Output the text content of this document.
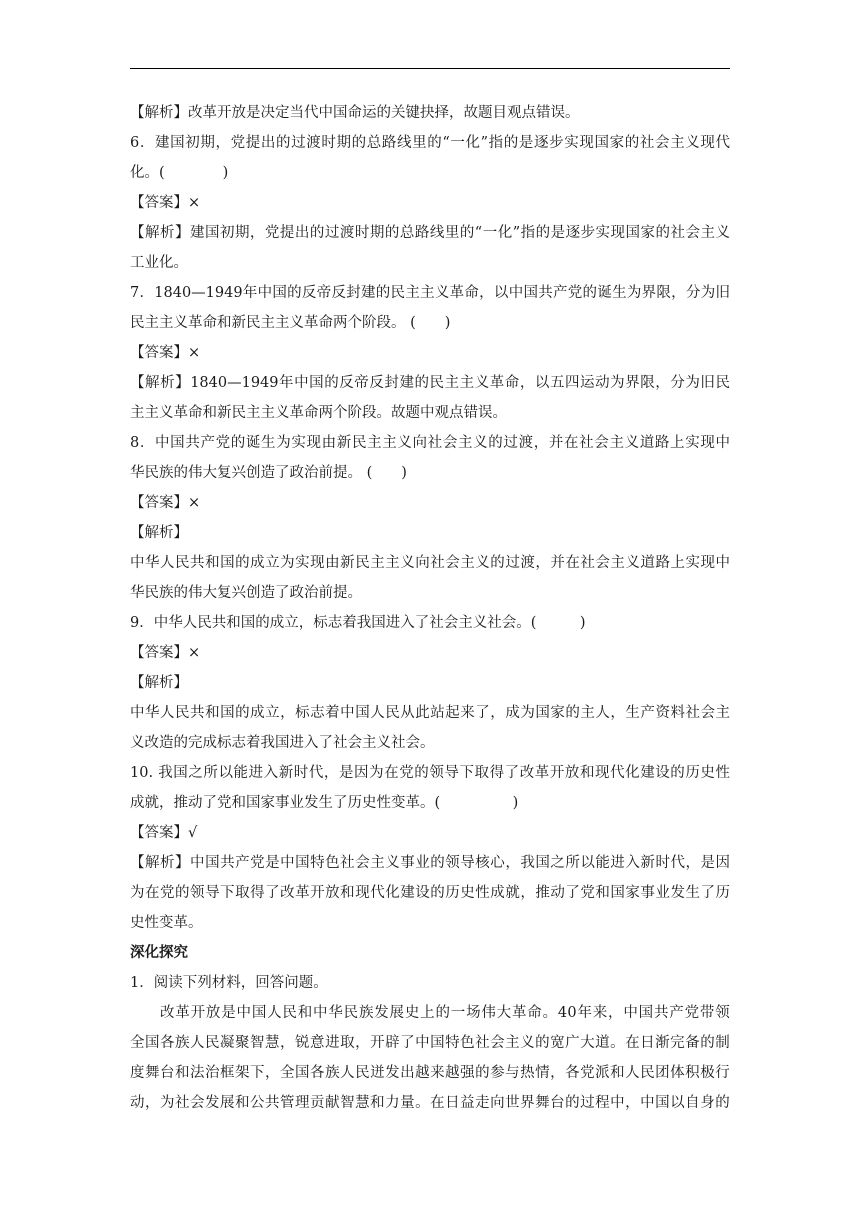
【解析】改革开放是决定当代中国命运的关键抉择，故题目观点错误。
6．建国初期，党提出的过渡时期的总路线里的“一化”指的是逐步实现国家的社会主义现代
化。(　　　　)
【答案】×
【解析】建国初期，党提出的过渡时期的总路线里的“一化”指的是逐步实现国家的社会主义
工业化。
7．1840—1949年中国的反帝反封建的民主主义革命，以中国共产党的诞生为界限，分为旧
民主主义革命和新民主主义革命两个阶段。 (　　)
【答案】×
【解析】1840—1949年中国的反帝反封建的民主主义革命，以五四运动为界限，分为旧民
主主义革命和新民主主义革命两个阶段。故题中观点错误。
8．中国共产党的诞生为实现由新民主主义向社会主义的过渡，并在社会主义道路上实现中
华民族的伟大复兴创造了政治前提。 (　　)
【答案】×
【解析】
中华人民共和国的成立为实现由新民主主义向社会主义的过渡，并在社会主义道路上实现中
华民族的伟大复兴创造了政治前提。
9．中华人民共和国的成立，标志着我国进入了社会主义社会。(　　　)
【答案】×
【解析】
中华人民共和国的成立，标志着中国人民从此站起来了，成为国家的主人，生产资料社会主
义改造的完成标志着我国进入了社会主义社会。
10. 我国之所以能进入新时代，是因为在党的领导下取得了改革开放和现代化建设的历史性
成就，推动了党和国家事业发生了历史性变革。(　　　　　)
【答案】√
【解析】中国共产党是中国特色社会主义事业的领导核心，我国之所以能进入新时代，是因
为在党的领导下取得了改革开放和现代化建设的历史性成就，推动了党和国家事业发生了历
史性变革。
深化探究
1．阅读下列材料，回答问题。
改革开放是中国人民和中华民族发展史上的一场伟大革命。40年来，中国共产党带领
全国各族人民凝聚智慧，锐意进取，开辟了中国特色社会主义的宽广大道。在日渐完备的制
度舞台和法治框架下，全国各族人民迸发出越来越强的参与热情，各党派和人民团体积极行
动，为社会发展和公共管理贡献智慧和力量。在日益走向世界舞台的过程中，中国以自身的
